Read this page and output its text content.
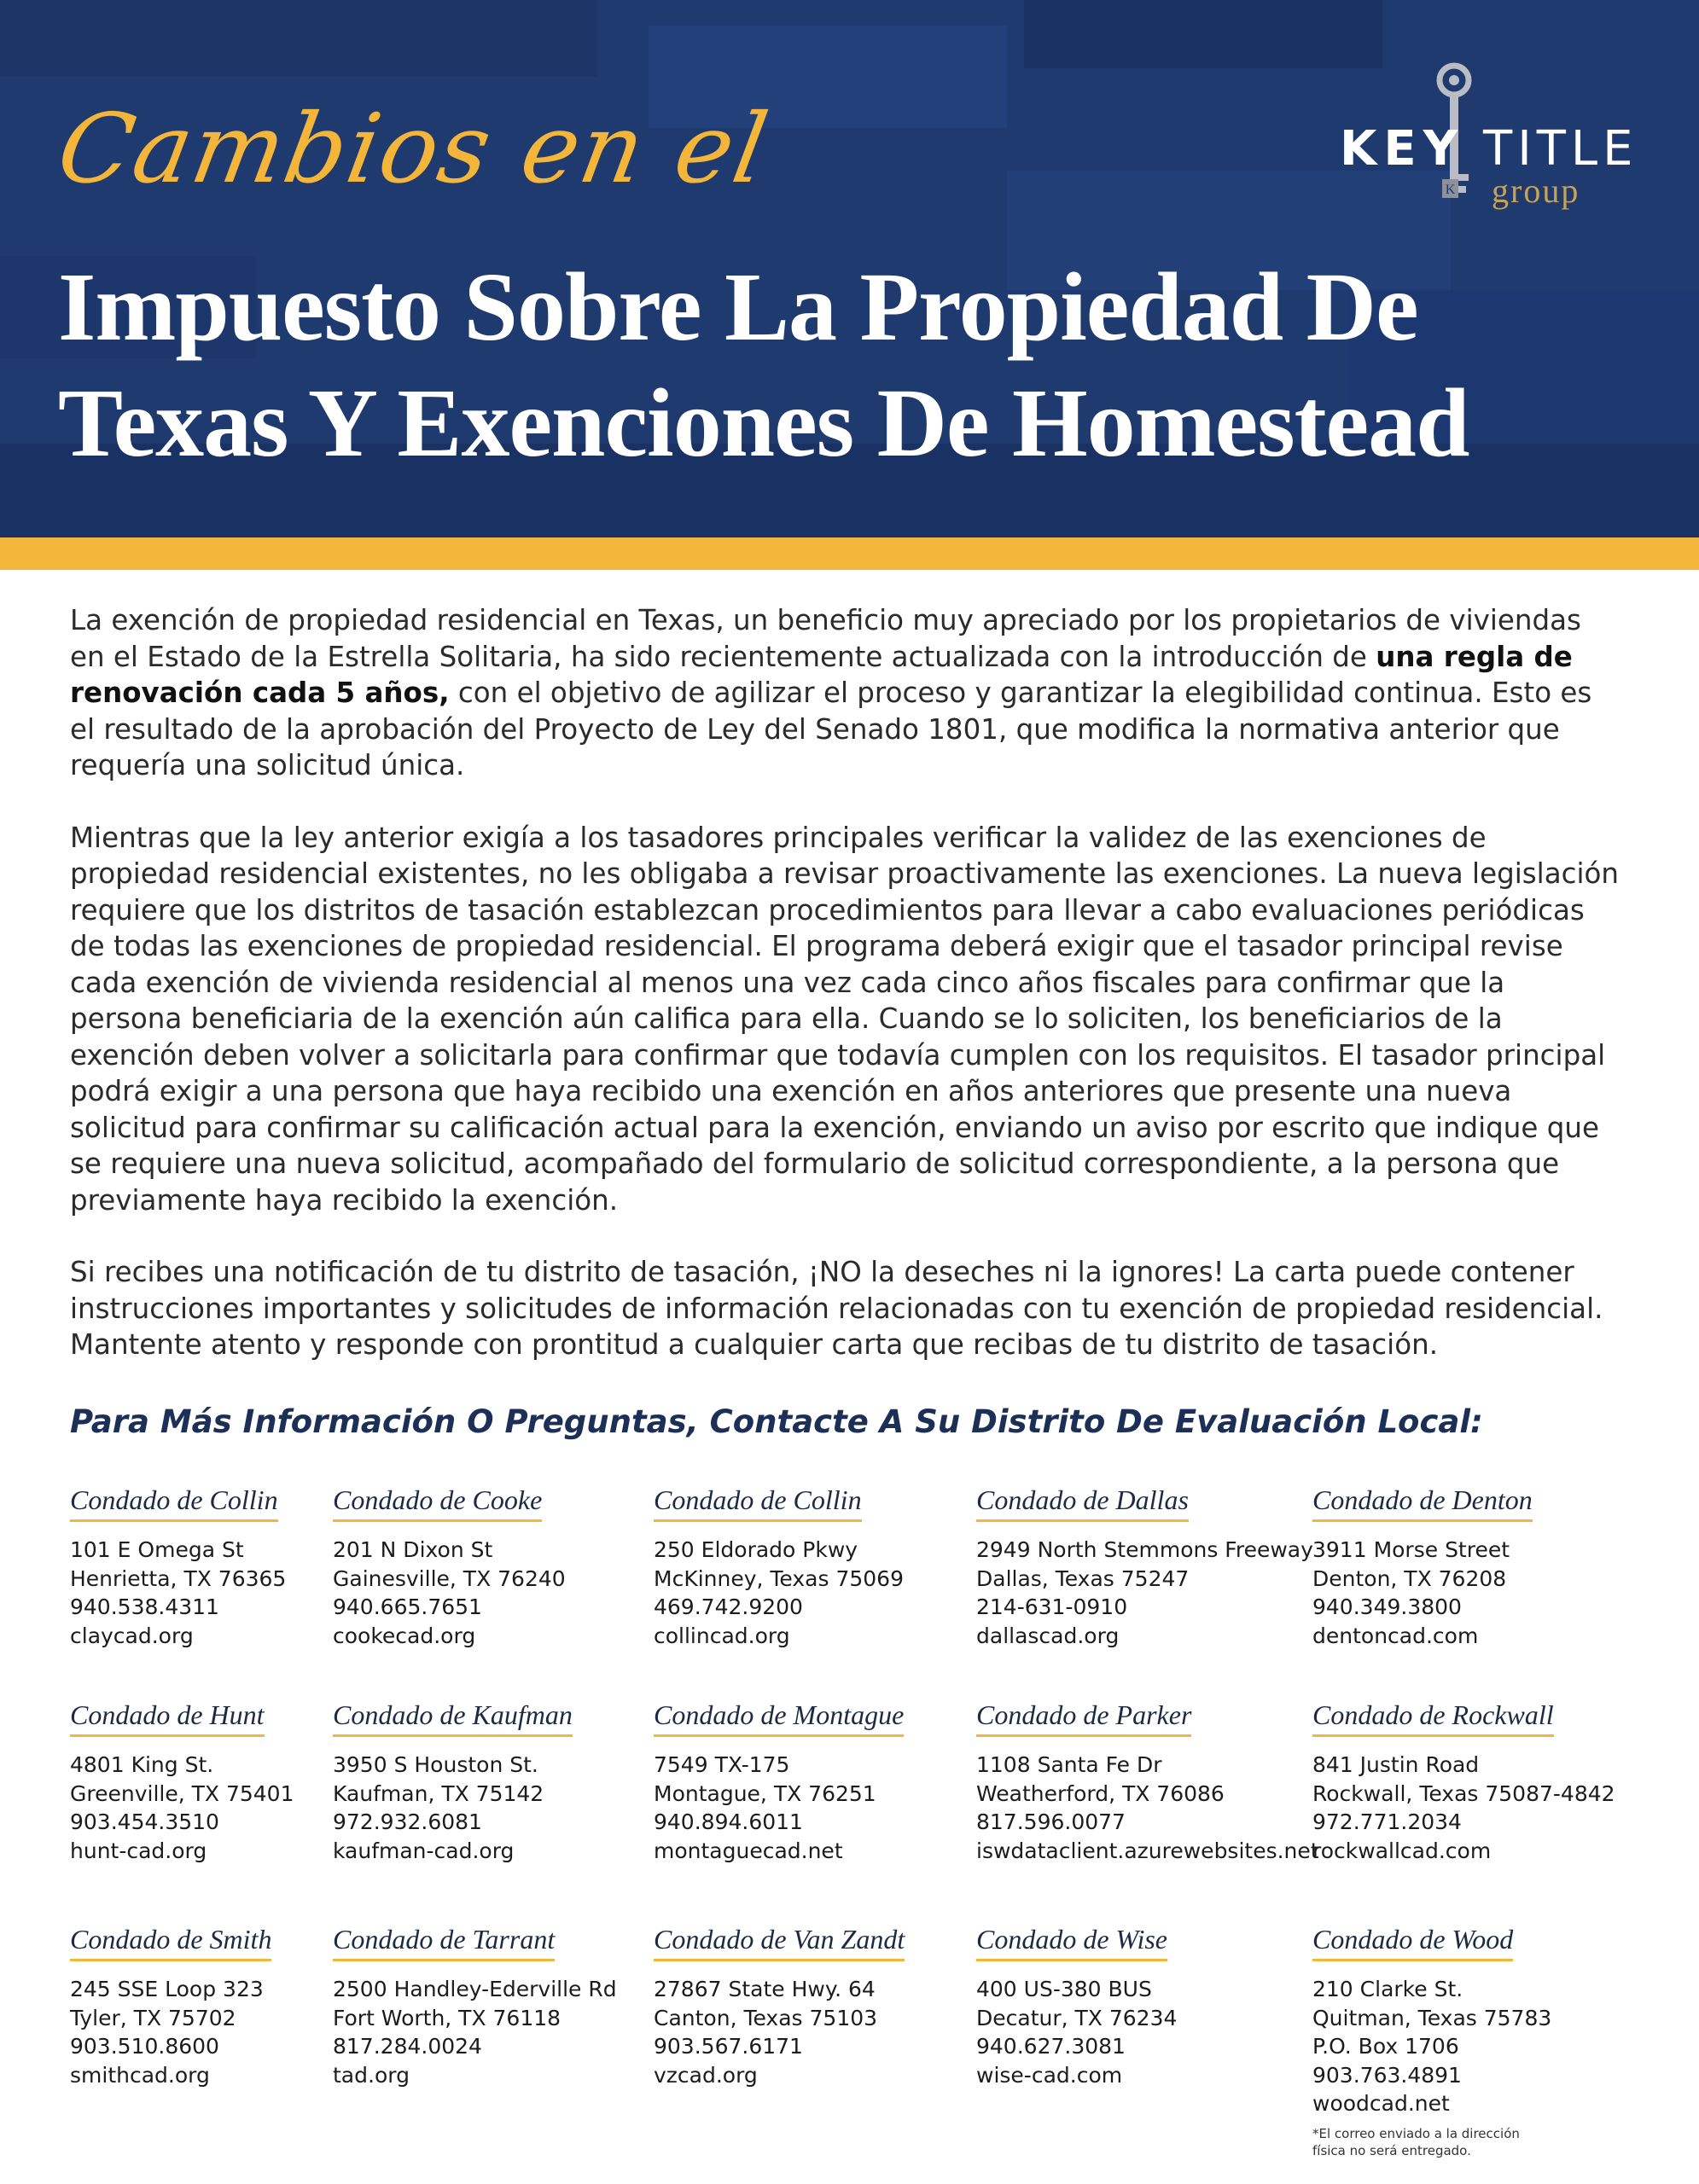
Cambios en el
Impuesto Sobre La Propiedad De
Texas Y Exenciones De Homestead
K
KEY TITLE
group

La exención de propiedad residencial en Texas, un beneficio muy apreciado por los propietarios de viviendas en el Estado de la Estrella Solitaria, ha sido recientemente actualizada con la introducción de una regla de renovación cada 5 años, con el objetivo de agilizar el proceso y garantizar la elegibilidad continua. Esto es el resultado de la aprobación del Proyecto de Ley del Senado 1801, que modifica la normativa anterior que requería una solicitud única.

Mientras que la ley anterior exigía a los tasadores principales verificar la validez de las exenciones de propiedad residencial existentes, no les obligaba a revisar proactivamente las exenciones. La nueva legislación requiere que los distritos de tasación establezcan procedimientos para llevar a cabo evaluaciones periódicas de todas las exenciones de propiedad residencial. El programa deberá exigir que el tasador principal revise cada exención de vivienda residencial al menos una vez cada cinco años fiscales para confirmar que la persona beneficiaria de la exención aún califica para ella. Cuando se lo soliciten, los beneficiarios de la exención deben volver a solicitarla para confirmar que todavía cumplen con los requisitos. El tasador principal podrá exigir a una persona que haya recibido una exención en años anteriores que presente una nueva solicitud para confirmar su calificación actual para la exención, enviando un aviso por escrito que indique que se requiere una nueva solicitud, acompañado del formulario de solicitud correspondiente, a la persona que previamente haya recibido la exención.

Si recibes una notificación de tu distrito de tasación, ¡NO la deseches ni la ignores! La carta puede contener instrucciones importantes y solicitudes de información relacionadas con tu exención de propiedad residencial. Mantente atento y responde con prontitud a cualquier carta que recibas de tu distrito de tasación.

Para Más Información O Preguntas, Contacte A Su Distrito De Evaluación Local:
Condado de Collin
101 E Omega St
Henrietta, TX 76365
940.538.4311
claycad.org
Condado de Cooke
201 N Dixon St
Gainesville, TX 76240
940.665.7651
cookecad.org
Condado de Collin
250 Eldorado Pkwy
McKinney, Texas 75069
469.742.9200
collincad.org
Condado de Dallas
2949 North Stemmons Freeway
Dallas, Texas 75247
214-631-0910
dallascad.org
Condado de Denton
3911 Morse Street
Denton, TX 76208
940.349.3800
dentoncad.com
Condado de Hunt
4801 King St.
Greenville, TX 75401
903.454.3510
hunt-cad.org
Condado de Kaufman
3950 S Houston St.
Kaufman, TX 75142
972.932.6081
kaufman-cad.org
Condado de Montague
7549 TX-175
Montague, TX 76251
940.894.6011
montaguecad.net
Condado de Parker
1108 Santa Fe Dr
Weatherford, TX 76086
817.596.0077
iswdataclient.azurewebsites.net
Condado de Rockwall
841 Justin Road
Rockwall, Texas 75087-4842
972.771.2034
rockwallcad.com
Condado de Smith
245 SSE Loop 323
Tyler, TX 75702
903.510.8600
smithcad.org
Condado de Tarrant
2500 Handley-Ederville Rd
Fort Worth, TX 76118
817.284.0024
tad.org
Condado de Van Zandt
27867 State Hwy. 64
Canton, Texas 75103
903.567.6171
vzcad.org
Condado de Wise
400 US-380 BUS
Decatur, TX 76234
940.627.3081
wise-cad.com
Condado de Wood
210 Clarke St.
Quitman, Texas 75783
P.O. Box 1706
903.763.4891
woodcad.net
*El correo enviado a la dirección física no será entregado.
